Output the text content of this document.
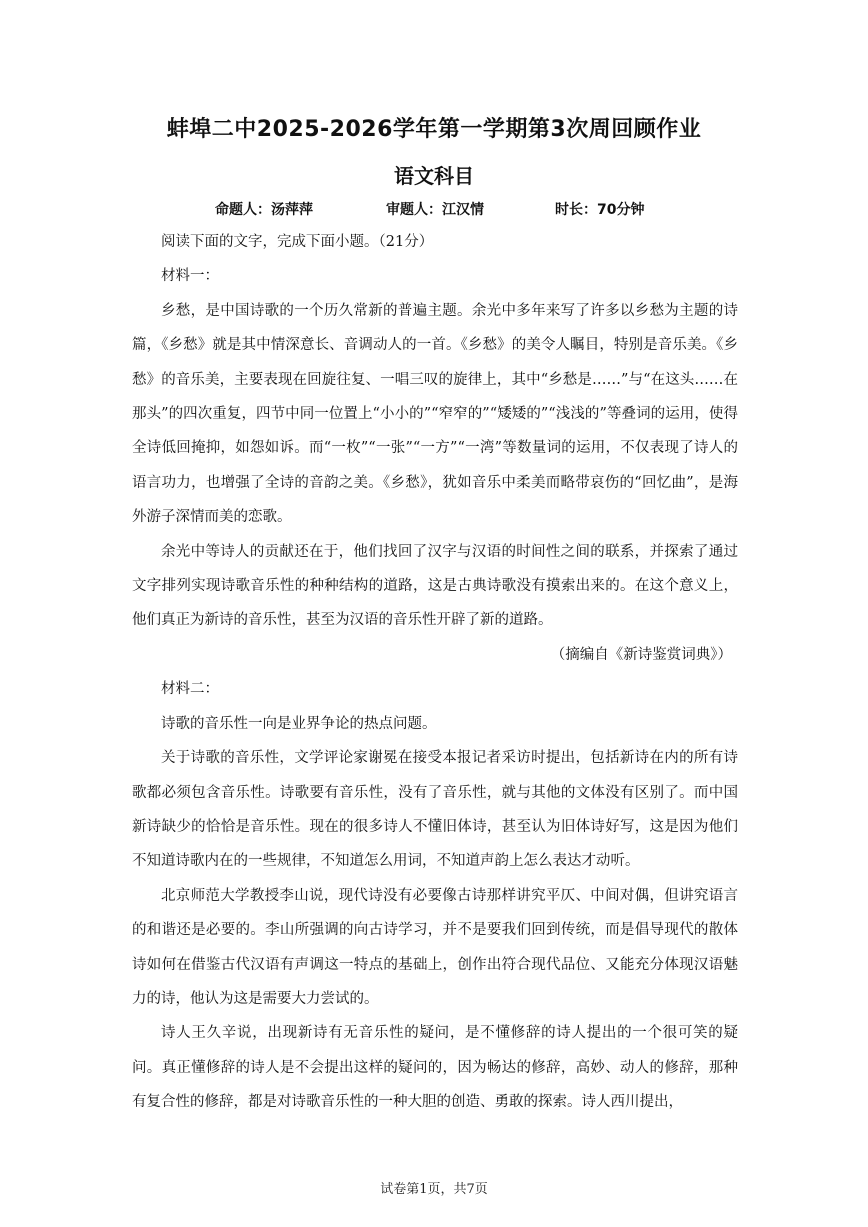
蚌埠二中2025-2026学年第一学期第3次周回顾作业
语文科目
命题人：汤萍萍	审题人：江汉情	时长：70分钟

阅读下面的文字，完成下面小题。（21分）

材料一：

乡愁，是中国诗歌的一个历久常新的普遍主题。余光中多年来写了许多以乡愁为主题的诗篇，《乡愁》就是其中情深意长、音调动人的一首。《乡愁》的美令人瞩目，特别是音乐美。《乡愁》的音乐美，主要表现在回旋往复、一唱三叹的旋律上，其中“乡愁是……”与“在这头……在那头”的四次重复，四节中同一位置上“小小的”“窄窄的”“矮矮的”“浅浅的”等叠词的运用，使得全诗低回掩抑，如怨如诉。而“一枚”“一张”“一方”“一湾”等数量词的运用，不仅表现了诗人的语言功力，也增强了全诗的音韵之美。《乡愁》，犹如音乐中柔美而略带哀伤的“回忆曲”，是海外游子深情而美的恋歌。

余光中等诗人的贡献还在于，他们找回了汉字与汉语的时间性之间的联系，并探索了通过文字排列实现诗歌音乐性的种种结构的道路，这是古典诗歌没有摸索出来的。在这个意义上，他们真正为新诗的音乐性，甚至为汉语的音乐性开辟了新的道路。

（摘编自《新诗鉴赏词典》）

材料二：

诗歌的音乐性一向是业界争论的热点问题。

关于诗歌的音乐性，文学评论家谢冕在接受本报记者采访时提出，包括新诗在内的所有诗歌都必须包含音乐性。诗歌要有音乐性，没有了音乐性，就与其他的文体没有区别了。而中国新诗缺少的恰恰是音乐性。现在的很多诗人不懂旧体诗，甚至认为旧体诗好写，这是因为他们不知道诗歌内在的一些规律，不知道怎么用词，不知道声韵上怎么表达才动听。

北京师范大学教授李山说，现代诗没有必要像古诗那样讲究平仄、中间对偶，但讲究语言的和谐还是必要的。李山所强调的向古诗学习，并不是要我们回到传统，而是倡导现代的散体诗如何在借鉴古代汉语有声调这一特点的基础上，创作出符合现代品位、又能充分体现汉语魅力的诗，他认为这是需要大力尝试的。

诗人王久辛说，出现新诗有无音乐性的疑问，是不懂修辞的诗人提出的一个很可笑的疑问。真正懂修辞的诗人是不会提出这样的疑问的，因为畅达的修辞，高妙、动人的修辞，那种有复合性的修辞，都是对诗歌音乐性的一种大胆的创造、勇敢的探索。诗人西川提出，

试卷第1页，共7页
